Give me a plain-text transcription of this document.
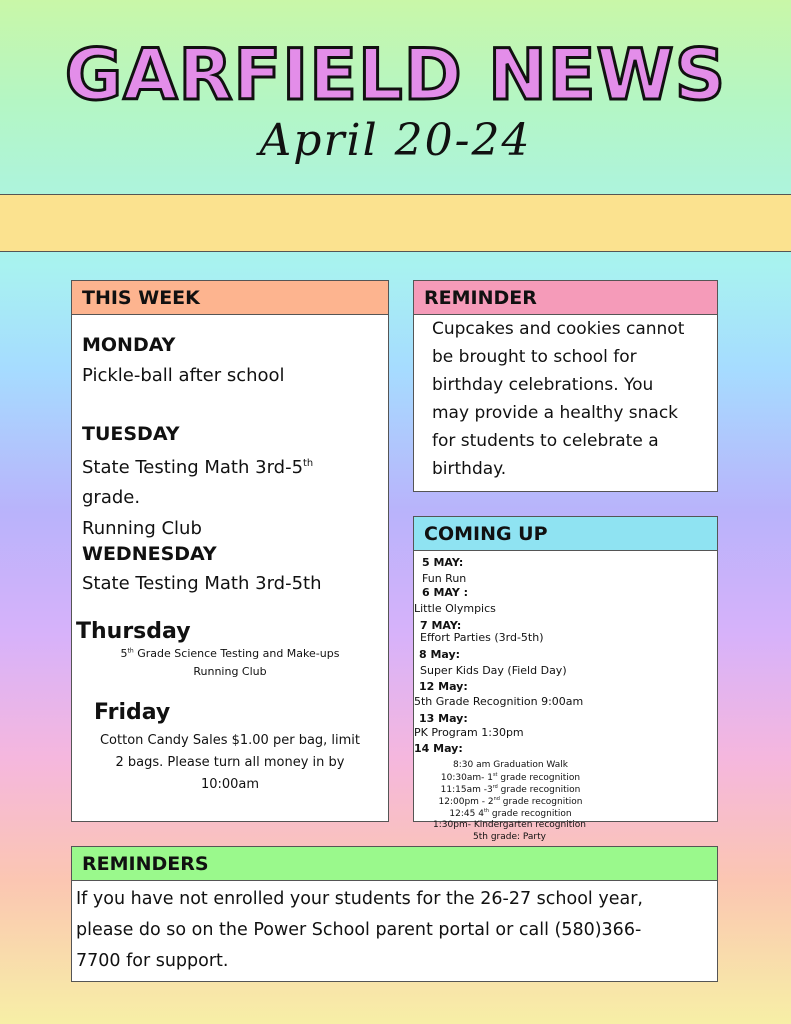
GARFIELD NEWS
April 20-24
THIS WEEK
MONDAY
Pickle-ball after school
TUESDAY
State Testing Math 3rd-5th
grade.
Running Club
WEDNESDAY
State Testing Math 3rd-5th
Thursday
5th Grade Science Testing and Make-ups
Running Club
Friday
Cotton Candy Sales $1.00 per bag, limit
2 bags. Please turn all money in by
10:00am
REMINDER
Cupcakes and cookies cannot
be brought to school for
birthday celebrations. You
may provide a healthy snack
for students to celebrate a
birthday.
COMING UP
5 MAY:
Fun Run
6 MAY :
Little Olympics
7 MAY:
Effort Parties (3rd-5th)
8 May:
Super Kids Day (Field Day)
12 May:
5th Grade Recognition 9:00am
13 May:
PK Program 1:30pm
14 May:
8:30 am Graduation Walk
10:30am- 1st grade recognition
11:15am -3rd grade recognition
12:00pm - 2nd grade recognition
12:45 4th grade recognition
1:30pm- Kindergarten recognition
5th grade: Party
REMINDERS
If you have not enrolled your students for the 26-27 school year,
please do so on the Power School parent portal or call (580)366-
7700 for support.
